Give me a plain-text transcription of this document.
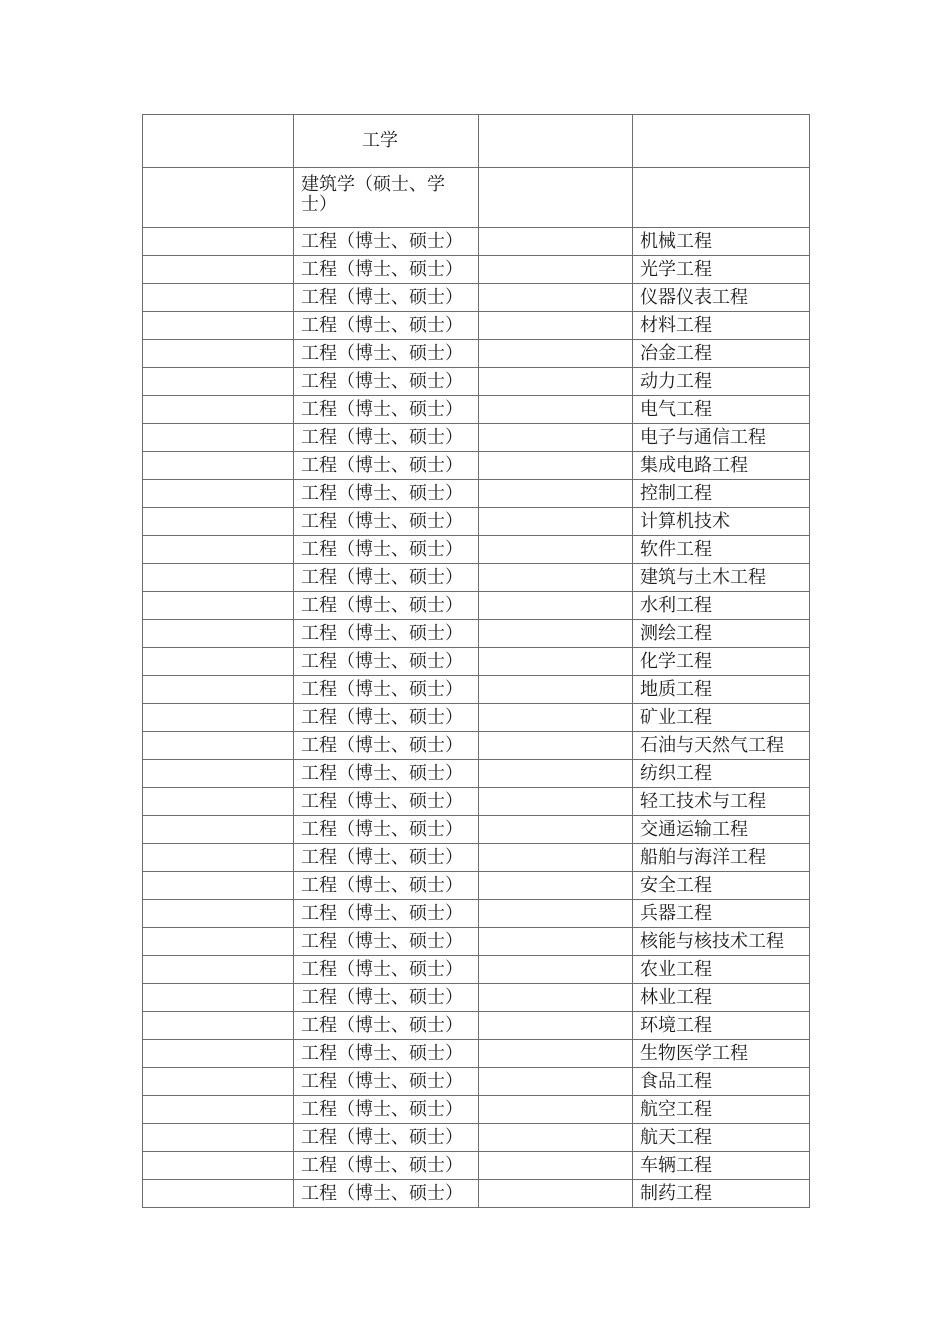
	工学		
	建筑学（硕士、学士）		
	工程（博士、硕士）		机械工程
	工程（博士、硕士）		光学工程
	工程（博士、硕士）		仪器仪表工程
	工程（博士、硕士）		材料工程
	工程（博士、硕士）		冶金工程
	工程（博士、硕士）		动力工程
	工程（博士、硕士）		电气工程
	工程（博士、硕士）		电子与通信工程
	工程（博士、硕士）		集成电路工程
	工程（博士、硕士）		控制工程
	工程（博士、硕士）		计算机技术
	工程（博士、硕士）		软件工程
	工程（博士、硕士）		建筑与土木工程
	工程（博士、硕士）		水利工程
	工程（博士、硕士）		测绘工程
	工程（博士、硕士）		化学工程
	工程（博士、硕士）		地质工程
	工程（博士、硕士）		矿业工程
	工程（博士、硕士）		石油与天然气工程
	工程（博士、硕士）		纺织工程
	工程（博士、硕士）		轻工技术与工程
	工程（博士、硕士）		交通运输工程
	工程（博士、硕士）		船舶与海洋工程
	工程（博士、硕士）		安全工程
	工程（博士、硕士）		兵器工程
	工程（博士、硕士）		核能与核技术工程
	工程（博士、硕士）		农业工程
	工程（博士、硕士）		林业工程
	工程（博士、硕士）		环境工程
	工程（博士、硕士）		生物医学工程
	工程（博士、硕士）		食品工程
	工程（博士、硕士）		航空工程
	工程（博士、硕士）		航天工程
	工程（博士、硕士）		车辆工程
	工程（博士、硕士）		制药工程
